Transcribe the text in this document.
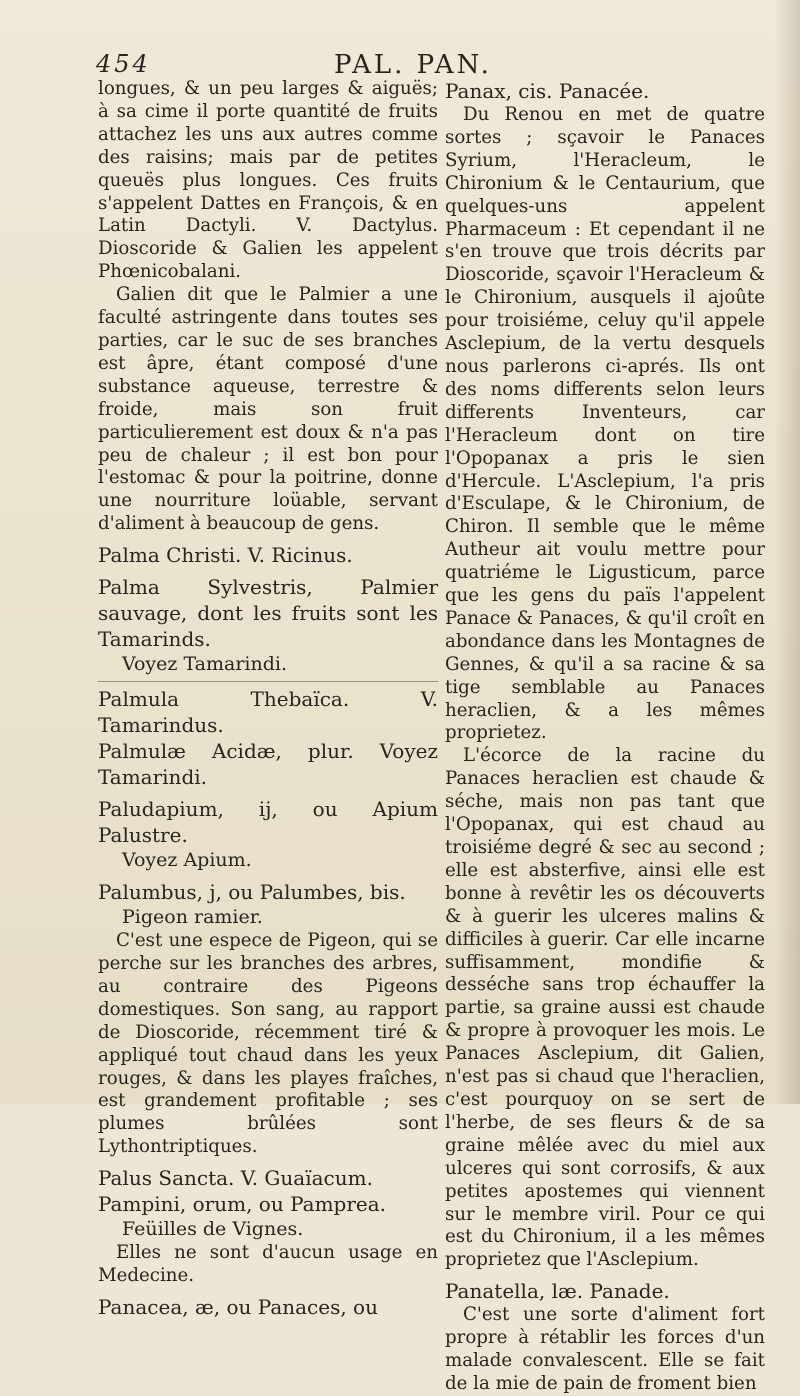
454	PAL. PAN.

longues, & un peu larges & aiguës; à sa cime il porte quantité de fruits attachez les uns aux autres comme des raisins; mais par de petites queuës plus longues. Ces fruits s'appelent Dattes en François, & en Latin Dactyli. V. Dactylus. Dioscoride & Galien les appelent Phœnicobalani.

Galien dit que le Palmier a une faculté astringente dans toutes ses parties, car le suc de ses branches est âpre, étant composé d'une substance aqueuse, terrestre & froide, mais son fruit particulierement est doux & n'a pas peu de chaleur ; il est bon pour l'estomac & pour la poitrine, donne une nourriture loüable, servant d'aliment à beaucoup de gens.

Palma Christi. V. Ricinus.

Palma Sylvestris, Palmier sauvage, dont les fruits sont les Tamarinds.

Voyez Tamarindi.

Palmula Thebaïca. V. Tamarindus.

Palmulæ Acidæ, plur. Voyez Tamarindi.

Paludapium, ij, ou Apium Palustre.

Voyez Apium.

Palumbus, j, ou Palumbes, bis.

Pigeon ramier.

C'est une espece de Pigeon, qui se perche sur les branches des arbres, au contraire des Pigeons domestiques. Son sang, au rapport de Dioscoride, récemment tiré & appliqué tout chaud dans les yeux rouges, & dans les playes fraîches, est grandement profitable ; ses plumes brûlées sont Lythontriptiques.

Palus Sancta. V. Guaïacum.

Pampini, orum, ou Pamprea.

Feüilles de Vignes.

Elles ne sont d'aucun usage en Medecine.

Panacea, æ, ou Panaces, ou

Panax, cis. Panacée.

Du Renou en met de quatre sortes ; sçavoir le Panaces Syrium, l'Heracleum, le Chironium & le Centaurium, que quelques-uns appelent Pharmaceum : Et cependant il ne s'en trouve que trois décrits par Dioscoride, sçavoir l'Heracleum & le Chironium, ausquels il ajoûte pour troisiéme, celuy qu'il appele Asclepium, de la vertu desquels nous parlerons ci-aprés. Ils ont des noms differents selon leurs differents Inventeurs, car l'Heracleum dont on tire l'Opopanax a pris le sien d'Hercule. L'Asclepium, l'a pris d'Esculape, & le Chironium, de Chiron. Il semble que le même Autheur ait voulu mettre pour quatriéme le Ligusticum, parce que les gens du païs l'appelent Panace & Panaces, & qu'il croît en abondance dans les Montagnes de Gennes, & qu'il a sa racine & sa tige semblable au Panaces heraclien, & a les mêmes proprietez.

L'écorce de la racine du Panaces heraclien est chaude & séche, mais non pas tant que l'Opopanax, qui est chaud au troisiéme degré & sec au second ; elle est absterfive, ainsi elle est bonne à revêtir les os découverts & à guerir les ulceres malins & difficiles à guerir. Car elle incarne suffisamment, mondifie & desséche sans trop échauffer la partie, sa graine aussi est chaude & propre à provoquer les mois. Le Panaces Asclepium, dit Galien, n'est pas si chaud que l'heraclien, c'est pourquoy on se sert de l'herbe, de ses fleurs & de sa graine mêlée avec du miel aux ulceres qui sont corrosifs, & aux petites apostemes qui viennent sur le membre viril. Pour ce qui est du Chironium, il a les mêmes proprietez que l'Asclepium.

Panatella, læ. Panade.

C'est une sorte d'aliment fort propre à rétablir les forces d'un malade convalescent. Elle se fait de la mie de pain de froment bien
